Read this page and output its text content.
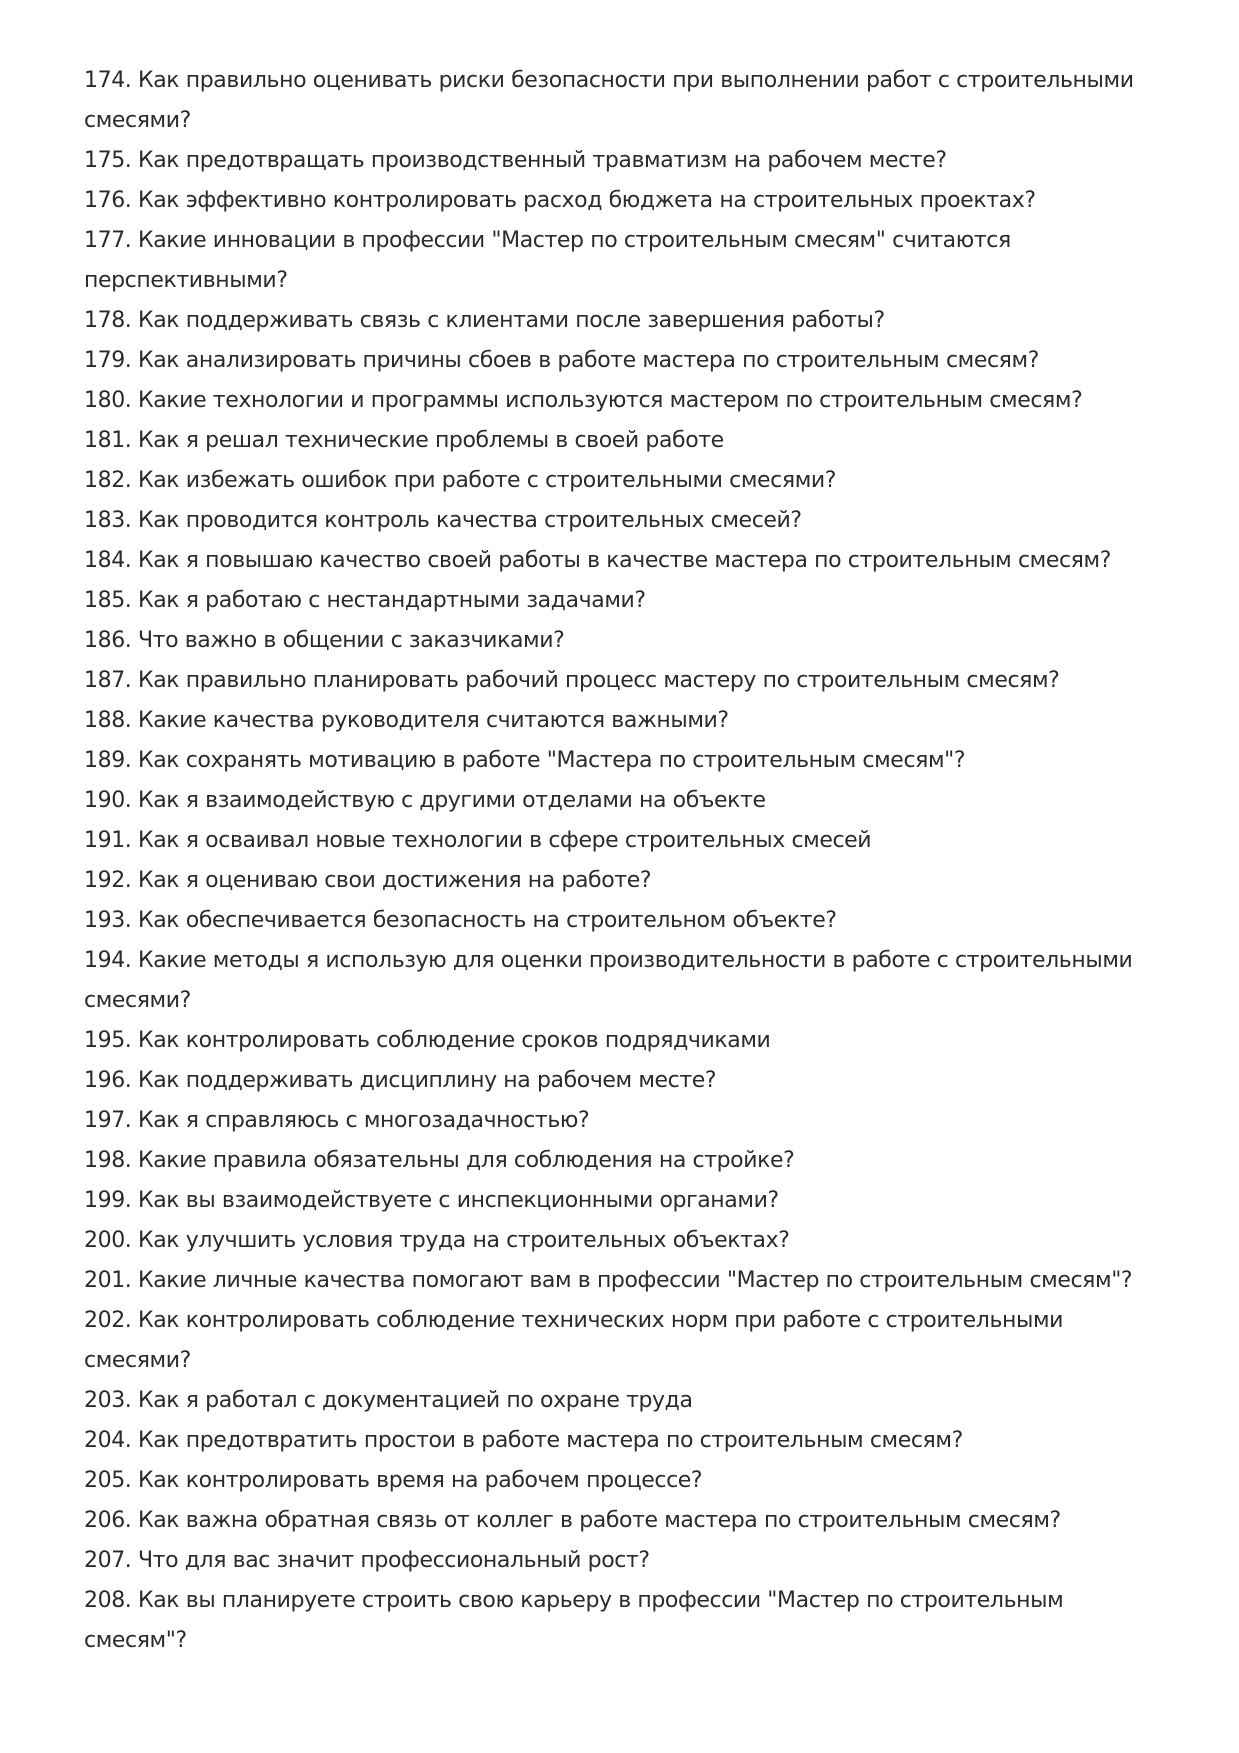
174. Как правильно оценивать риски безопасности при выполнении работ с строительными смесями?

175. Как предотвращать производственный травматизм на рабочем месте?

176. Как эффективно контролировать расход бюджета на строительных проектах?

177. Какие инновации в профессии "Мастер по строительным смесям" считаются перспективными?

178. Как поддерживать связь с клиентами после завершения работы?

179. Как анализировать причины сбоев в работе мастера по строительным смесям?

180. Какие технологии и программы используются мастером по строительным смесям?

181. Как я решал технические проблемы в своей работе

182. Как избежать ошибок при работе с строительными смесями?

183. Как проводится контроль качества строительных смесей?

184. Как я повышаю качество своей работы в качестве мастера по строительным смесям?

185. Как я работаю с нестандартными задачами?

186. Что важно в общении с заказчиками?

187. Как правильно планировать рабочий процесс мастеру по строительным смесям?

188. Какие качества руководителя считаются важными?

189. Как сохранять мотивацию в работе "Мастера по строительным смесям"?

190. Как я взаимодействую с другими отделами на объекте

191. Как я осваивал новые технологии в сфере строительных смесей

192. Как я оцениваю свои достижения на работе?

193. Как обеспечивается безопасность на строительном объекте?

194. Какие методы я использую для оценки производительности в работе с строительными смесями?

195. Как контролировать соблюдение сроков подрядчиками

196. Как поддерживать дисциплину на рабочем месте?

197. Как я справляюсь с многозадачностью?

198. Какие правила обязательны для соблюдения на стройке?

199. Как вы взаимодействуете с инспекционными органами?

200. Как улучшить условия труда на строительных объектах?

201. Какие личные качества помогают вам в профессии "Мастер по строительным смесям"?

202. Как контролировать соблюдение технических норм при работе с строительными смесями?

203. Как я работал с документацией по охране труда

204. Как предотвратить простои в работе мастера по строительным смесям?

205. Как контролировать время на рабочем процессе?

206. Как важна обратная связь от коллег в работе мастера по строительным смесям?

207. Что для вас значит профессиональный рост?

208. Как вы планируете строить свою карьеру в профессии "Мастер по строительным смесям"?
